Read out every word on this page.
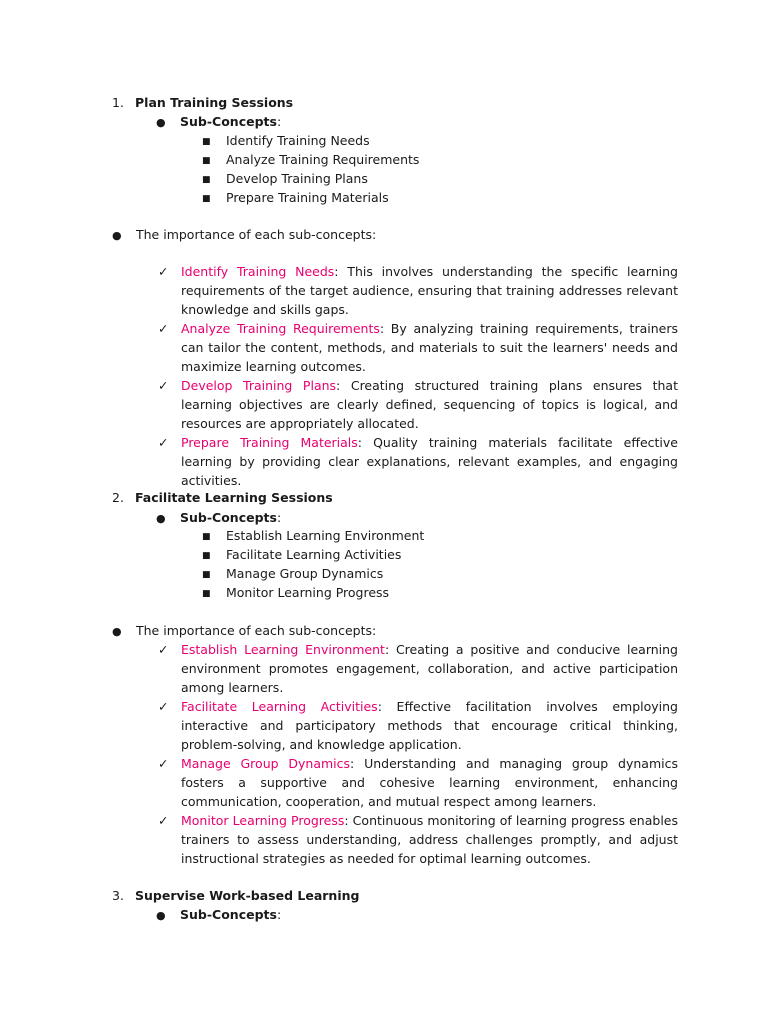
1. Plan Training Sessions
● Sub-Concepts:
■ Identify Training Needs
■ Analyze Training Requirements
■ Develop Training Plans
■ Prepare Training Materials
● The importance of each sub-concepts:
✓	Identify Training Needs: This involves understanding the specific learning requirements of the target audience, ensuring that training addresses relevant knowledge and skills gaps.
✓	Analyze Training Requirements: By analyzing training requirements, trainers can tailor the content, methods, and materials to suit the learners' needs and maximize learning outcomes.
✓	Develop Training Plans: Creating structured training plans ensures that learning objectives are clearly defined, sequencing of topics is logical, and resources are appropriately allocated.
✓	Prepare Training Materials: Quality training materials facilitate effective learning by providing clear explanations, relevant examples, and engaging activities.
2. Facilitate Learning Sessions
● Sub-Concepts:
■ Establish Learning Environment
■ Facilitate Learning Activities
■ Manage Group Dynamics
■ Monitor Learning Progress
● The importance of each sub-concepts:
✓	Establish Learning Environment: Creating a positive and conducive learning environment promotes engagement, collaboration, and active participation among learners.
✓	Facilitate Learning Activities: Effective facilitation involves employing interactive and participatory methods that encourage critical thinking, problem-solving, and knowledge application.
✓	Manage Group Dynamics: Understanding and managing group dynamics fosters a supportive and cohesive learning environment, enhancing communication, cooperation, and mutual respect among learners.
✓	Monitor Learning Progress: Continuous monitoring of learning progress enables trainers to assess understanding, address challenges promptly, and adjust instructional strategies as needed for optimal learning outcomes.
3. Supervise Work-based Learning
● Sub-Concepts:
